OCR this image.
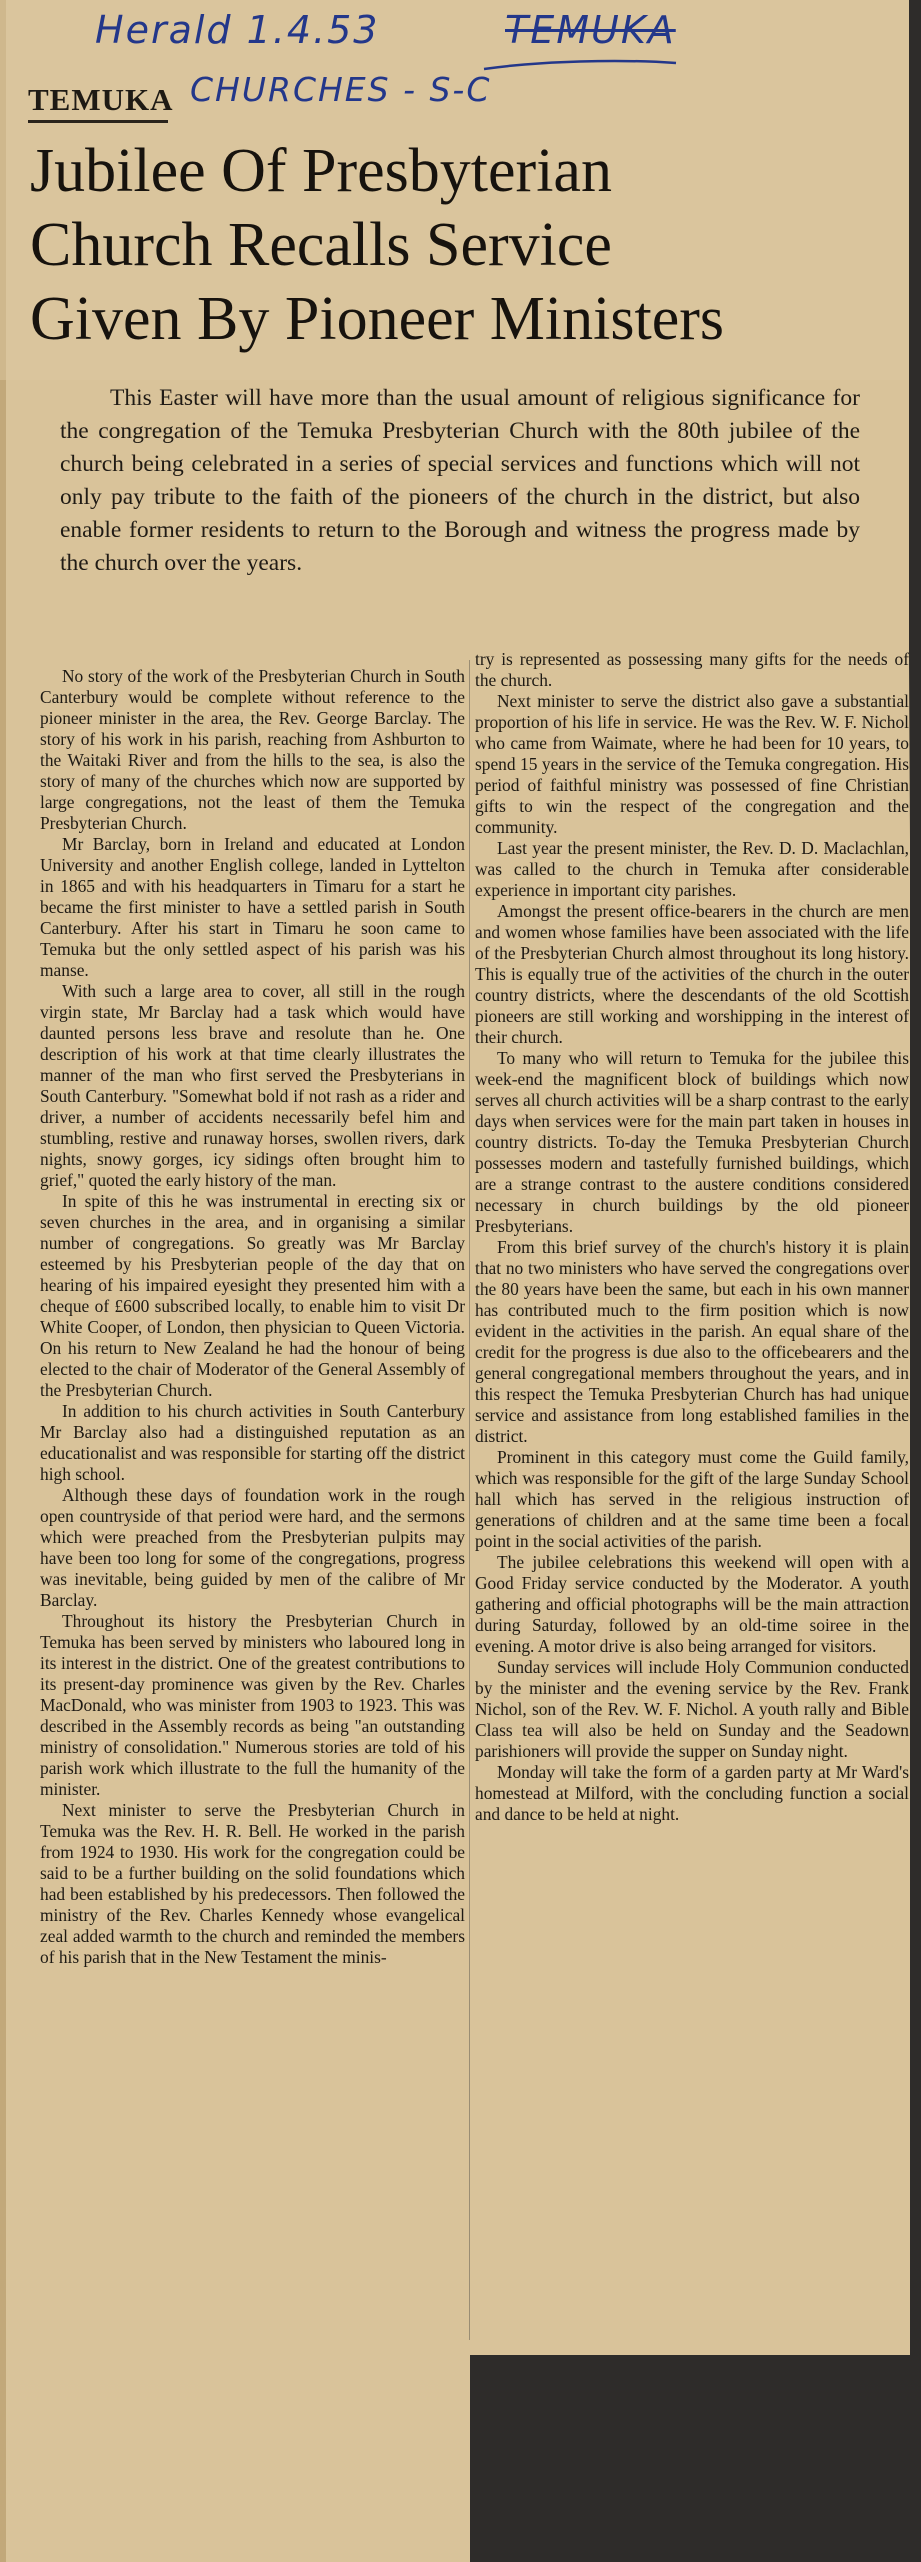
Herald 1.4.53	TEMUKA
CHURCHES - S-C
TEMUKA
Jubilee Of Presbyterian
Church Recalls Service
Given By Pioneer Ministers

This Easter will have more than the usual amount of religious significance for the congregation of the Temuka Presbyterian Church with the 80th jubilee of the church being celebrated in a series of special services and functions which will not only pay tribute to the faith of the pioneers of the church in the district, but also enable former residents to return to the Borough and witness the progress made by the church over the years.

No story of the work of the Presbyterian Church in South Canterbury would be complete without reference to the pioneer minister in the area, the Rev. George Barclay. The story of his work in his parish, reaching from Ashburton to the Waitaki River and from the hills to the sea, is also the story of many of the churches which now are supported by large congregations, not the least of them the Temuka Presbyterian Church.

Mr Barclay, born in Ireland and educated at London University and another English college, landed in Lyttelton in 1865 and with his headquarters in Timaru for a start he became the first minister to have a settled parish in South Canterbury. After his start in Timaru he soon came to Temuka but the only settled aspect of his parish was his manse.

With such a large area to cover, all still in the rough virgin state, Mr Barclay had a task which would have daunted persons less brave and resolute than he. One description of his work at that time clearly illustrates the manner of the man who first served the Presbyterians in South Canterbury. "Somewhat bold if not rash as a rider and driver, a number of accidents necessarily befel him and stumbling, restive and runaway horses, swollen rivers, dark nights, snowy gorges, icy sidings often brought him to grief," quoted the early history of the man.

In spite of this he was instrumental in erecting six or seven churches in the area, and in organising a similar number of congregations. So greatly was Mr Barclay esteemed by his Presbyterian people of the day that on hearing of his impaired eyesight they presented him with a cheque of £600 subscribed locally, to enable him to visit Dr White Cooper, of London, then physician to Queen Victoria. On his return to New Zealand he had the honour of being elected to the chair of Moderator of the General Assembly of the Presbyterian Church.

In addition to his church activities in South Canterbury Mr Barclay also had a distinguished reputation as an educationalist and was responsible for starting off the district high school.

Although these days of foundation work in the rough open countryside of that period were hard, and the sermons which were preached from the Presbyterian pulpits may have been too long for some of the congregations, progress was inevitable, being guided by men of the calibre of Mr Barclay.

Throughout its history the Presbyterian Church in Temuka has been served by ministers who laboured long in its interest in the district. One of the greatest contributions to its present-day prominence was given by the Rev. Charles MacDonald, who was minister from 1903 to 1923. This was described in the Assembly records as being "an outstanding ministry of consolidation." Numerous stories are told of his parish work which illustrate to the full the humanity of the minister.

Next minister to serve the Presbyterian Church in Temuka was the Rev. H. R. Bell. He worked in the parish from 1924 to 1930. His work for the congregation could be said to be a further building on the solid foundations which had been established by his predecessors. Then followed the ministry of the Rev. Charles Kennedy whose evangelical zeal added warmth to the church and reminded the members of his parish that in the New Testament the minis-

try is represented as possessing many gifts for the needs of the church.

Next minister to serve the district also gave a substantial proportion of his life in service. He was the Rev. W. F. Nichol who came from Waimate, where he had been for 10 years, to spend 15 years in the service of the Temuka congregation. His period of faithful ministry was possessed of fine Christian gifts to win the respect of the congregation and the community.

Last year the present minister, the Rev. D. D. Maclachlan, was called to the church in Temuka after considerable experience in important city parishes.

Amongst the present office-bearers in the church are men and women whose families have been associated with the life of the Presbyterian Church almost throughout its long history. This is equally true of the activities of the church in the outer country districts, where the descendants of the old Scottish pioneers are still working and worshipping in the interest of their church.

To many who will return to Temuka for the jubilee this week-end the magnificent block of buildings which now serves all church activities will be a sharp contrast to the early days when services were for the main part taken in houses in country districts. To-day the Temuka Presbyterian Church possesses modern and tastefully furnished buildings, which are a strange contrast to the austere conditions considered necessary in church buildings by the old pioneer Presbyterians.

From this brief survey of the church's history it is plain that no two ministers who have served the congregations over the 80 years have been the same, but each in his own manner has contributed much to the firm position which is now evident in the activities in the parish. An equal share of the credit for the progress is due also to the officebearers and the general congregational members throughout the years, and in this respect the Temuka Presbyterian Church has had unique service and assistance from long established families in the district.

Prominent in this category must come the Guild family, which was responsible for the gift of the large Sunday School hall which has served in the religious instruction of generations of children and at the same time been a focal point in the social activities of the parish.

The jubilee celebrations this weekend will open with a Good Friday service conducted by the Moderator. A youth gathering and official photographs will be the main attraction during Saturday, followed by an old-time soiree in the evening. A motor drive is also being arranged for visitors.

Sunday services will include Holy Communion conducted by the minister and the evening service by the Rev. Frank Nichol, son of the Rev. W. F. Nichol. A youth rally and Bible Class tea will also be held on Sunday and the Seadown parishioners will provide the supper on Sunday night.

Monday will take the form of a garden party at Mr Ward's homestead at Milford, with the concluding function a social and dance to be held at night.
